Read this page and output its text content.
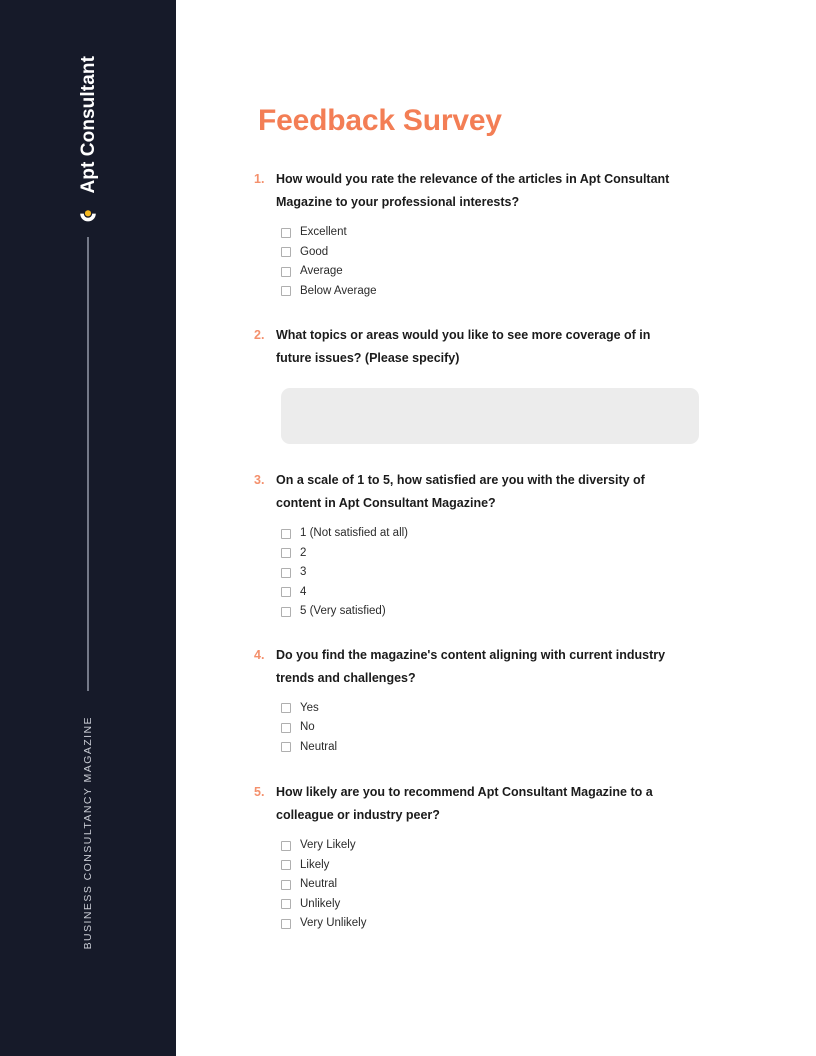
Apt Consultant
BUSINESS CONSULTANCY MAGAZINE
Feedback Survey
1. How would you rate the relevance of the articles in Apt Consultant Magazine to your professional interests?
Excellent
Good
Average
Below Average
2. What topics or areas would you like to see more coverage of in future issues? (Please specify)
3. On a scale of 1 to 5, how satisfied are you with the diversity of content in Apt Consultant Magazine?
1 (Not satisfied at all)
2
3
4
5 (Very satisfied)
4. Do you find the magazine's content aligning with current industry trends and challenges?
Yes
No
Neutral
5. How likely are you to recommend Apt Consultant Magazine to a colleague or industry peer?
Very Likely
Likely
Neutral
Unlikely
Very Unlikely
